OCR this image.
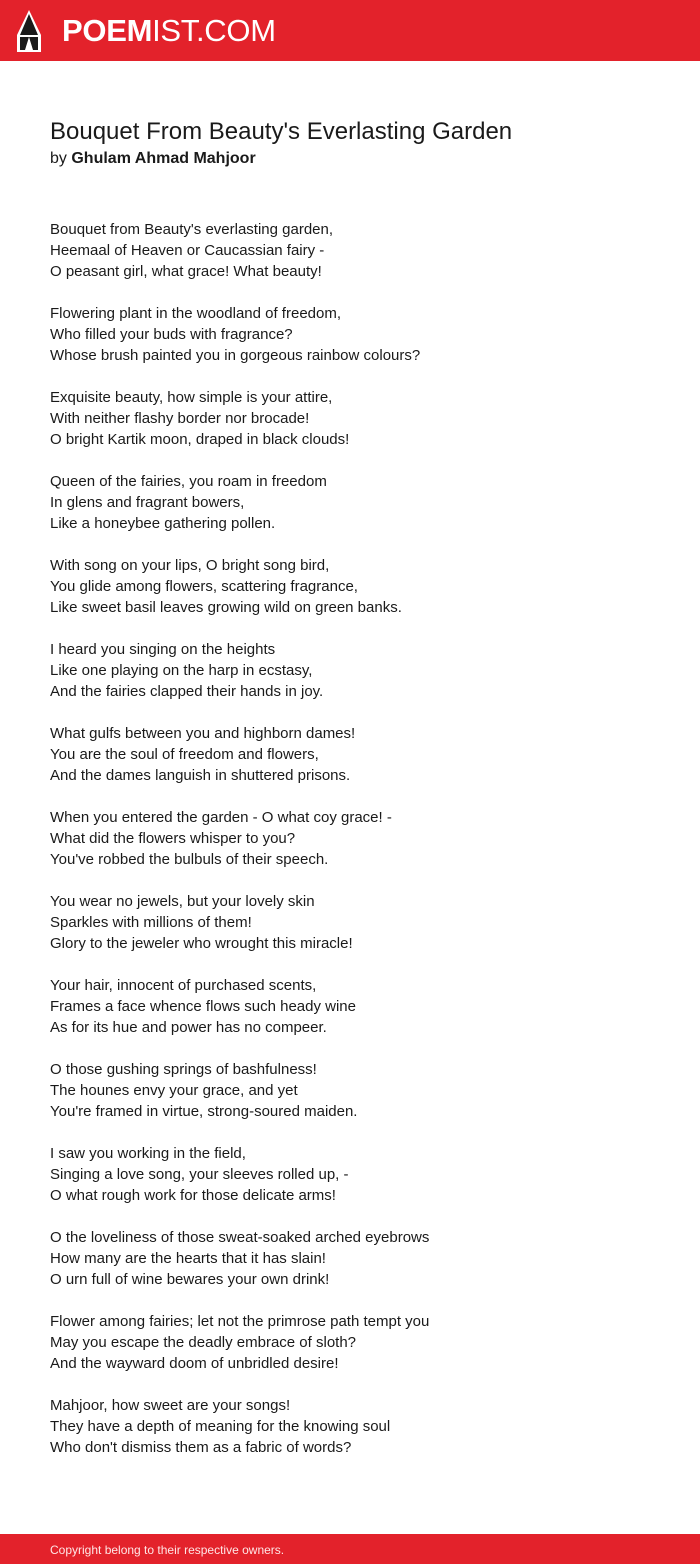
POEMIST.COM
Bouquet From Beauty's Everlasting Garden
by Ghulam Ahmad Mahjoor

Bouquet from Beauty's everlasting garden,
Heemaal of Heaven or Caucassian fairy -
O peasant girl, what grace! What beauty!

Flowering plant in the woodland of freedom,
Who filled your buds with fragrance?
Whose brush painted you in gorgeous rainbow colours?

Exquisite beauty, how simple is your attire,
With neither flashy border nor brocade!
O bright Kartik moon, draped in black clouds!

Queen of the fairies, you roam in freedom
In glens and fragrant bowers,
Like a honeybee gathering pollen.

With song on your lips, O bright song bird,
You glide among flowers, scattering fragrance,
Like sweet basil leaves growing wild on green banks.

I heard you singing on the heights
Like one playing on the harp in ecstasy,
And the fairies clapped their hands in joy.

What gulfs between you and highborn dames!
You are the soul of freedom and flowers,
And the dames languish in shuttered prisons.

When you entered the garden - O what coy grace! -
What did the flowers whisper to you?
You've robbed the bulbuls of their speech.

You wear no jewels, but your lovely skin
Sparkles with millions of them!
Glory to the jeweler who wrought this miracle!

Your hair, innocent of purchased scents,
Frames a face whence flows such heady wine
As for its hue and power has no compeer.

O those gushing springs of bashfulness!
The hounes envy your grace, and yet
You're framed in virtue, strong-soured maiden.

I saw you working in the field,
Singing a love song, your sleeves rolled up, -
O what rough work for those delicate arms!

O the loveliness of those sweat-soaked arched eyebrows
How many are the hearts that it has slain!
O urn full of wine bewares your own drink!

Flower among fairies; let not the primrose path tempt you
May you escape the deadly embrace of sloth?
And the wayward doom of unbridled desire!

Mahjoor, how sweet are your songs!
They have a depth of meaning for the knowing soul
Who don't dismiss them as a fabric of words?

Copyright belong to their respective owners.
